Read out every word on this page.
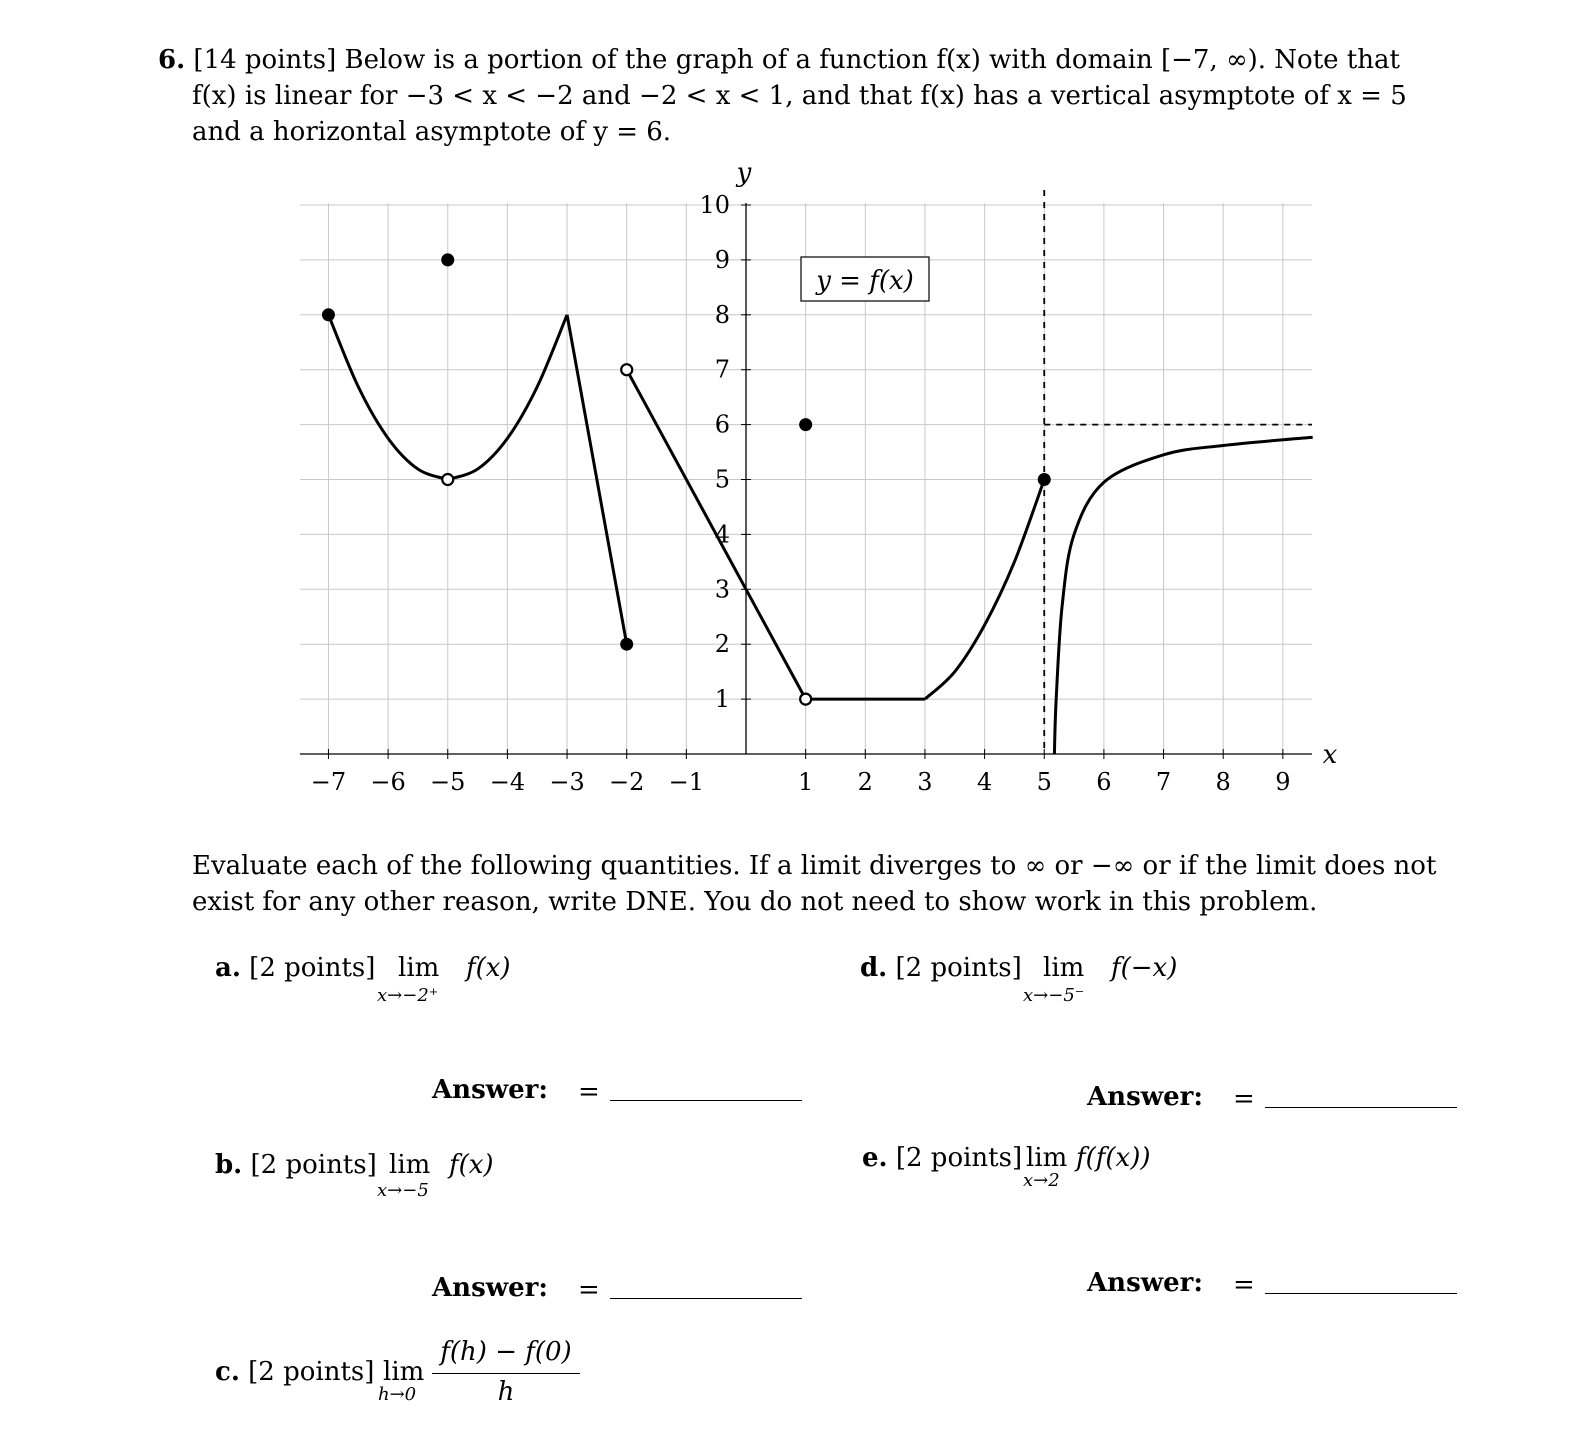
6. [14 points] Below is a portion of the graph of a function f(x) with domain [−7, ∞). Note that
f(x) is linear for −3 < x < −2 and −2 < x < 1, and that f(x) has a vertical asymptote of x = 5
and a horizontal asymptote of y = 6.
−7 −6 −5 −4 −3 −2 −1	1 2 3 4 5 6 7 8 9
1
2
3
4
5
6
7
8
9
10
x
y
y = f(x)
Evaluate each of the following quantities. If a limit diverges to ∞ or −∞ or if the limit does not
exist for any other reason, write DNE. You do not need to show work in this problem.
a. [2 points] lim
x→−2⁺
f(x)
Answer: =
b. [2 points] lim
x→−5
f(x)
Answer: =
c. [2 points] lim
h→0
f(h) − f(0)
h
d. [2 points] lim
x→−5⁻
f(−x)
Answer: =
e. [2 points] lim
x→2
f(f(x))
Answer: =
